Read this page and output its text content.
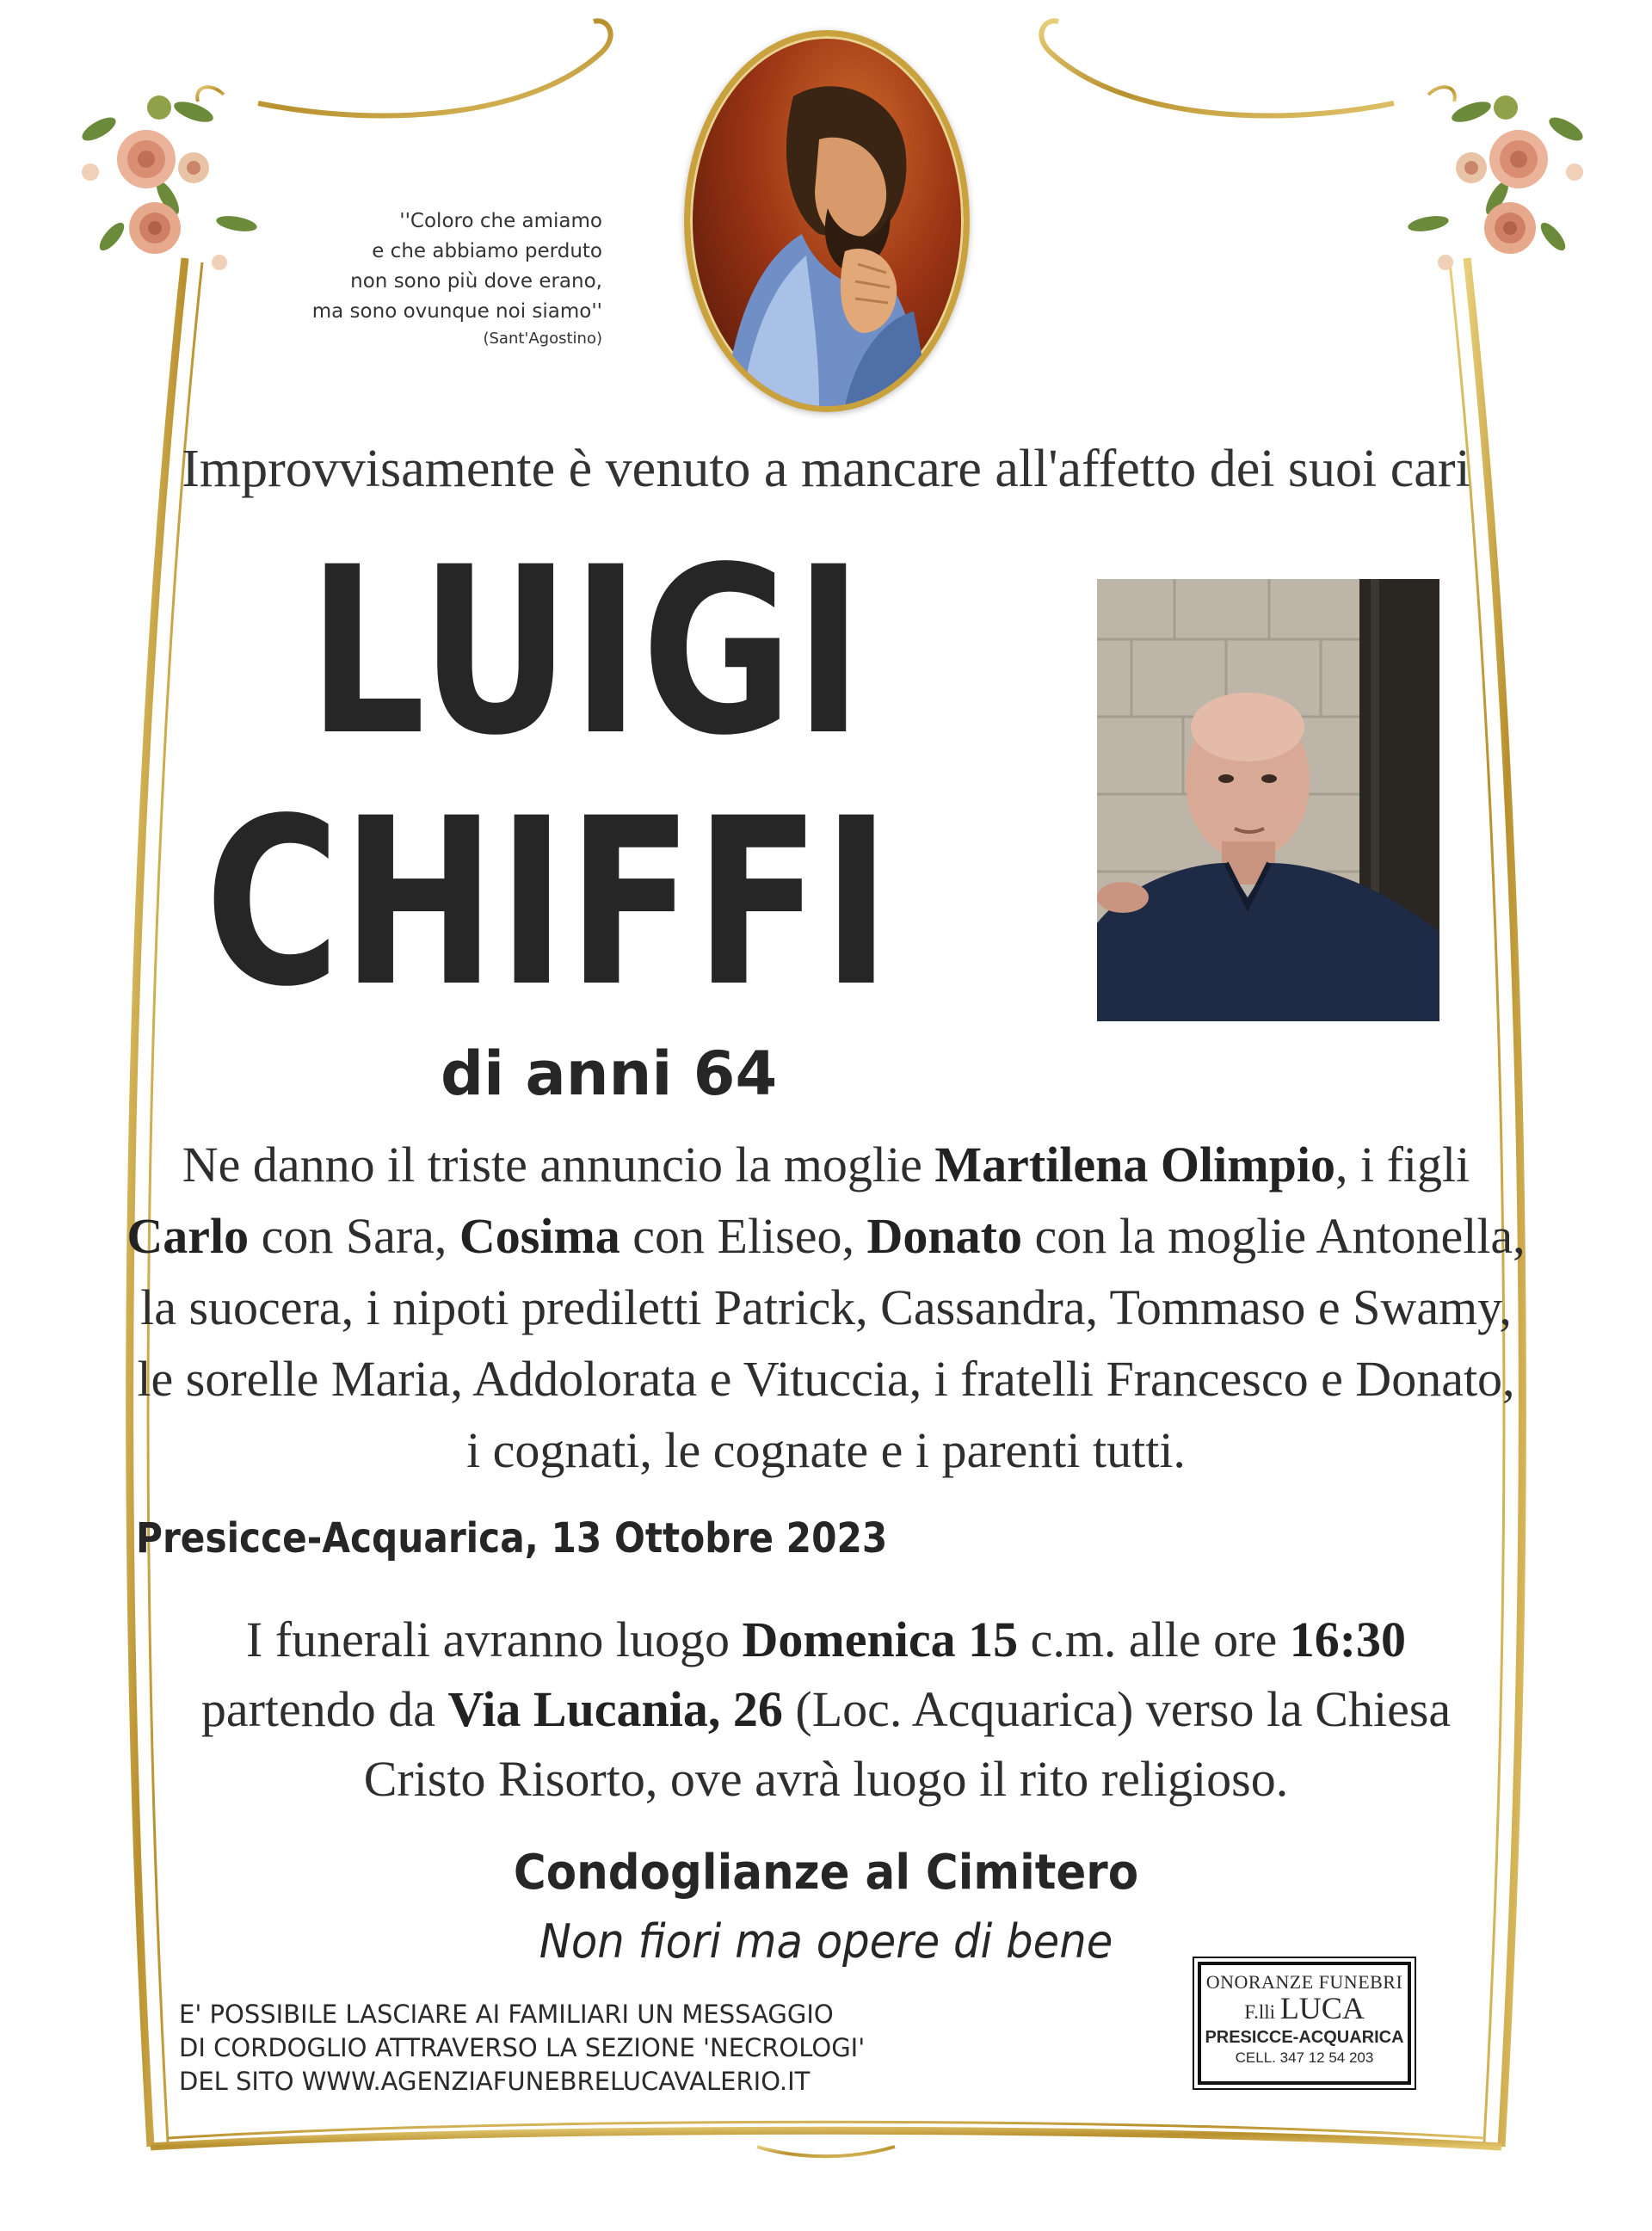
''Coloro che amiamo
e che abbiamo perduto
non sono più dove erano,
ma sono ovunque noi siamo''
(Sant'Agostino)
Improvvisamente è venuto a mancare all'affetto dei suoi cari
LUIGI
CHIFFI
di anni 64
Ne danno il triste annuncio la moglie Martilena Olimpio, i figli
Carlo con Sara, Cosima con Eliseo, Donato con la moglie Antonella,
la suocera, i nipoti prediletti Patrick, Cassandra, Tommaso e Swamy,
le sorelle Maria, Addolorata e Vituccia, i fratelli Francesco e Donato,
i cognati, le cognate e i parenti tutti.
Presicce-Acquarica, 13 Ottobre 2023
I funerali avranno luogo Domenica 15 c.m. alle ore 16:30
partendo da Via Lucania, 26 (Loc. Acquarica) verso la Chiesa
Cristo Risorto, ove avrà luogo il rito religioso.
Condoglianze al Cimitero
Non fiori ma opere di bene
E' POSSIBILE LASCIARE AI FAMILIARI UN MESSAGGIO
DI CORDOGLIO ATTRAVERSO LA SEZIONE 'NECROLOGI'
DEL SITO WWW.AGENZIAFUNEBRELUCAVALERIO.IT
ONORANZE FUNEBRI
F.lli LUCA
PRESICCE-ACQUARICA
CELL. 347 12 54 203
